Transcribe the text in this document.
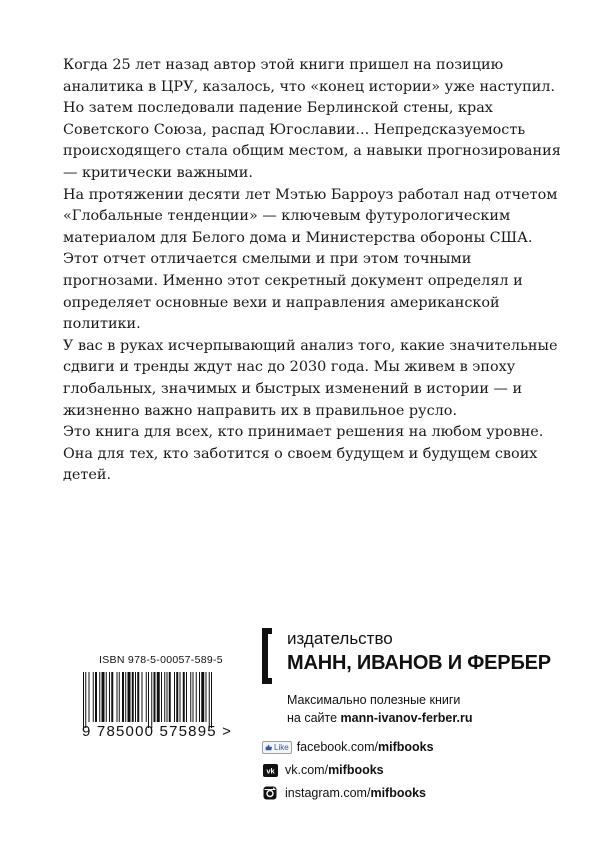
Когда 25 лет назад автор этой книги пришел на позицию аналитика в ЦРУ, казалось, что «конец истории» уже наступил. Но затем последовали падение Берлинской стены, крах Советского Союза, распад Югославии... Непредсказуемость происходящего стала общим местом, а навыки прогнозирования — критически важными.

На протяжении десяти лет Мэтью Барроуз работал над отчетом «Глобальные тенденции» — ключевым футурологическим материалом для Белого дома и Министерства обороны США. Этот отчет отличается смелыми и при этом точными прогнозами. Именно этот секретный документ определял и определяет основные вехи и направления американской политики.

У вас в руках исчерпывающий анализ того, какие значительные сдвиги и тренды ждут нас до 2030 года. Мы живем в эпоху глобальных, значимых и быстрых изменений в истории — и жизненно важно направить их в правильное русло.

Это книга для всех, кто принимает решения на любом уровне. Она для тех, кто заботится о своем будущем и будущем своих детей.

ISBN 978-5-00057-589-5
9 785000 575895 >
издательство
МАНН, ИВАНОВ И ФЕРБЕР
Максимально полезные книги
на сайте mann-ivanov-ferber.ru
Like facebook.com/ mifbooks
vk vk.com/ mifbooks
instagram.com/ mifbooks
